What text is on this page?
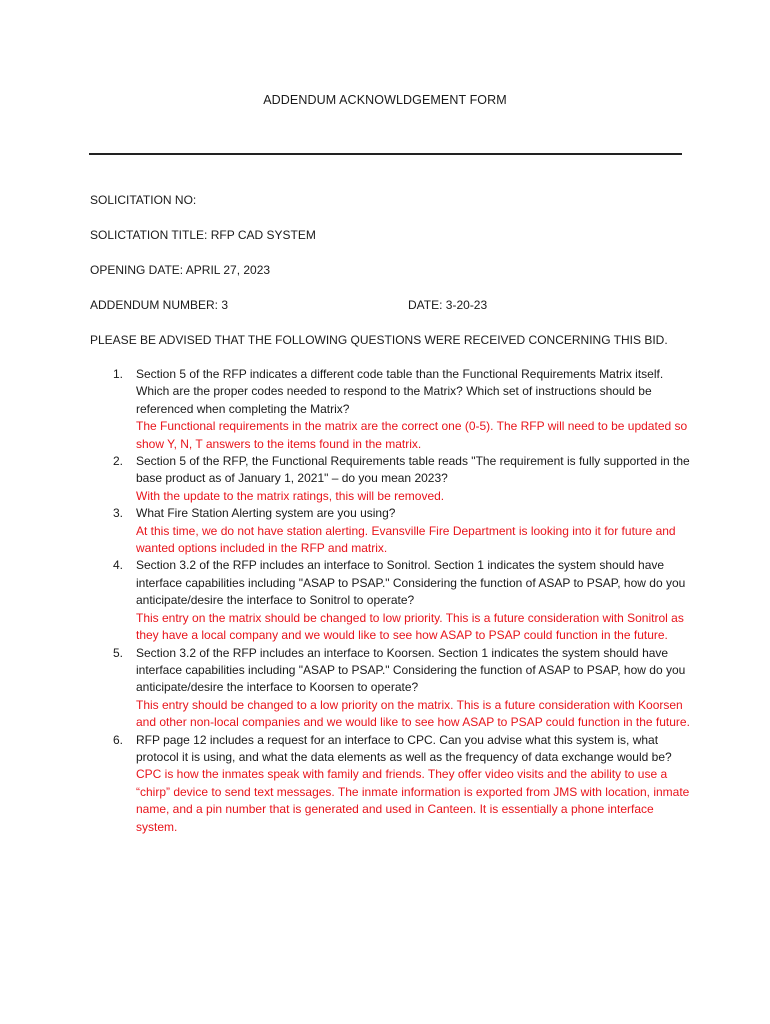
ADDENDUM ACKNOWLDGEMENT FORM
SOLICITATION NO:
SOLICTATION TITLE: RFP CAD SYSTEM
OPENING DATE: APRIL 27, 2023
ADDENDUM NUMBER: 3	DATE: 3-20-23
PLEASE BE ADVISED THAT THE FOLLOWING QUESTIONS WERE RECEIVED CONCERNING THIS BID.
1. Section 5 of the RFP indicates a different code table than the Functional Requirements Matrix itself. Which are the proper codes needed to respond to the Matrix? Which set of instructions should be referenced when completing the Matrix?
The Functional requirements in the matrix are the correct one (0-5). The RFP will need to be updated so show Y, N, T answers to the items found in the matrix.
2. Section 5 of the RFP, the Functional Requirements table reads "The requirement is fully supported in the base product as of January 1, 2021" – do you mean 2023?
With the update to the matrix ratings, this will be removed.
3. What Fire Station Alerting system are you using?
At this time, we do not have station alerting. Evansville Fire Department is looking into it for future and wanted options included in the RFP and matrix.
4. Section 3.2 of the RFP includes an interface to Sonitrol. Section 1 indicates the system should have interface capabilities including "ASAP to PSAP." Considering the function of ASAP to PSAP, how do you anticipate/desire the interface to Sonitrol to operate?
This entry on the matrix should be changed to low priority. This is a future consideration with Sonitrol as they have a local company and we would like to see how ASAP to PSAP could function in the future.
5. Section 3.2 of the RFP includes an interface to Koorsen. Section 1 indicates the system should have interface capabilities including "ASAP to PSAP." Considering the function of ASAP to PSAP, how do you anticipate/desire the interface to Koorsen to operate?
This entry should be changed to a low priority on the matrix. This is a future consideration with Koorsen and other non-local companies and we would like to see how ASAP to PSAP could function in the future.
6. RFP page 12 includes a request for an interface to CPC. Can you advise what this system is, what protocol it is using, and what the data elements as well as the frequency of data exchange would be?
CPC is how the inmates speak with family and friends. They offer video visits and the ability to use a “chirp” device to send text messages. The inmate information is exported from JMS with location, inmate name, and a pin number that is generated and used in Canteen. It is essentially a phone interface system.
